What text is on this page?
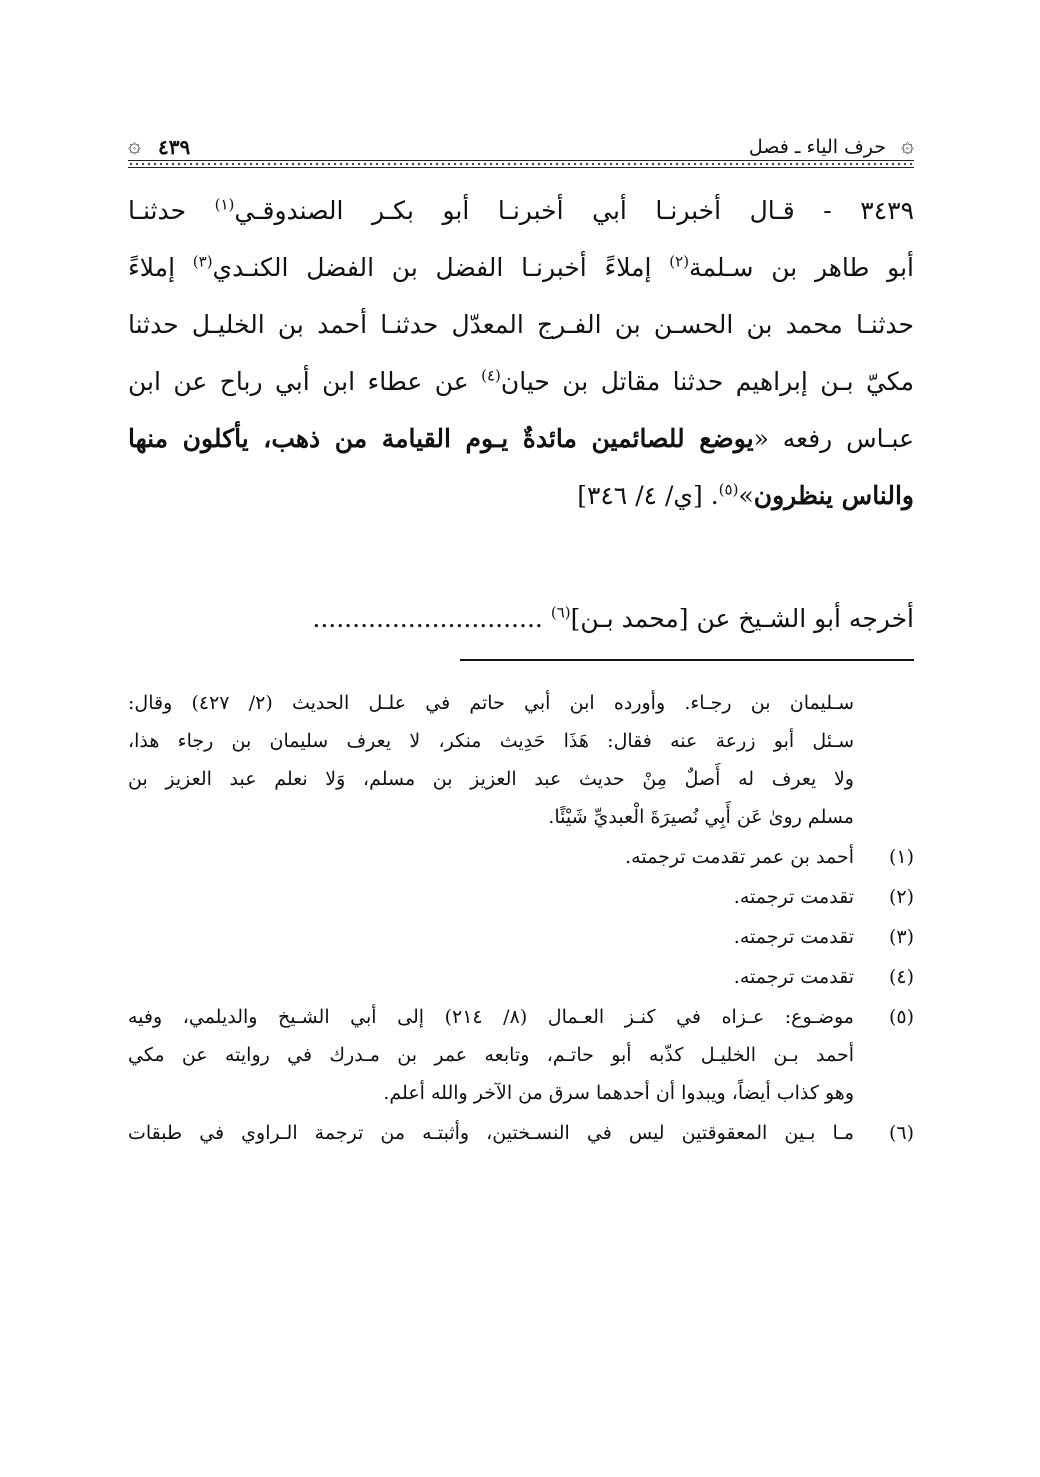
۞
حرف الياء ـ فصل
٤٣٩
۞
٣٤٣٩ - قـال أخبرنـا أبي أخبرنـا أبو بكـر الصندوقـي$^{(١)}$ حدثنـا
أبو طاهر بن سـلمة$^{(٢)}$ إملاءً أخبرنـا الفضل بن الفضل الكنـدي$^{(٣)}$ إملاءً
حدثنـا محمد بن الحسـن بن الفـرج المعدّل حدثنـا أحمد بن الخليـل حدثنا
مكيّ بـن إبراهيم حدثنا مقاتل بن حيان$^{(٤)}$ عن عطاء ابن أبي رباح عن ابن
عبـاس رفعه «يوضع للصائمين مائدةٌ يـوم القيامة من ذهب، يأكلون منها
والناس ينظرون»$^{(٥)}$. [ي/ ٤/ ٣٤٦]
أخرجه أبو الشـيخ عن [محمد بـن]$^{(٦)}$.............................
سـليمان بن رجـاء. وأورده ابن أبي حاتم في علـل الحديث (٢/ ٤٢٧) وقال:
سـئل أبو زرعة عنه فقال: هَذَا حَدِيث منكر، لا يعرف سليمان بن رجاء هذا،
ولا يعرف له أَصلٌ مِنْ حديث عبد العزيز بن مسلم، وَلا نعلم عبد العزيز بن
مسلم روىٰ عَن أَبِي نُصيرَةَ الْعبديِّ شَيْئًا.
(١)
أحمد بن عمر تقدمت ترجمته.
(٢)
تقدمت ترجمته.
(٣)
تقدمت ترجمته.
(٤)
تقدمت ترجمته.
(٥)
موضـوع: عـزاه في كنـز العـمال (٨/ ٢١٤) إلى أبي الشـيخ والديلمي، وفيه
أحمد بـن الخليـل كذّبه أبو حاتـم، وتابعه عمر بن مـدرك في روايته عن مكي
وهو كذاب أيضاً، ويبدوا أن أحدهما سرق من الآخر والله أعلم.
(٦)
مـا بـين المعقوقتين ليس في النسـختين، وأثبتـه من ترجمة الـراوي في طبقات
